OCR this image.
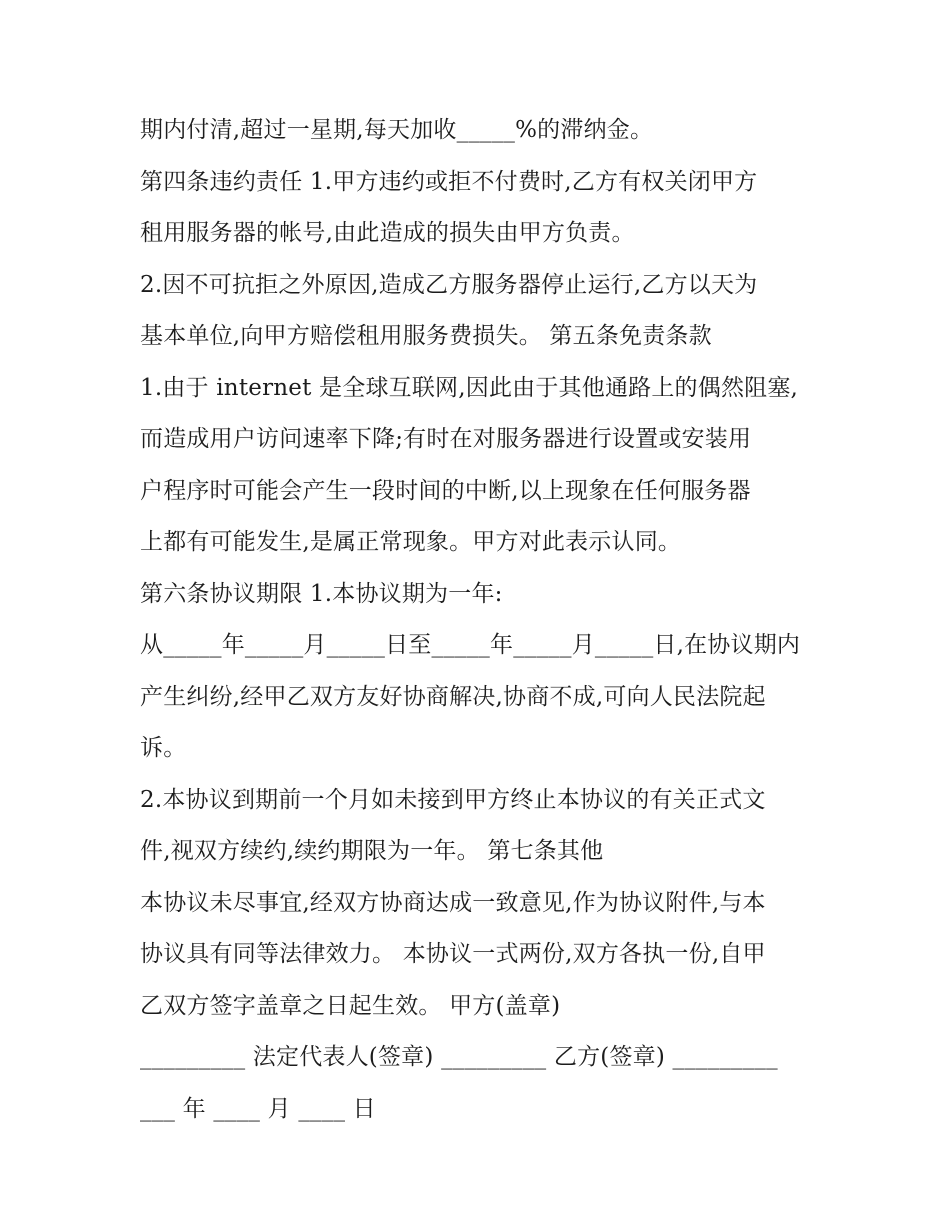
期内付清,超过一星期,每天加收_____%的滞纳金。
第四条违约责任 1.甲方违约或拒不付费时,乙方有权关闭甲方
租用服务器的帐号,由此造成的损失由甲方负责。
2.因不可抗拒之外原因,造成乙方服务器停止运行,乙方以天为
基本单位,向甲方赔偿租用服务费损失。 第五条免责条款
1.由于 internet 是全球互联网,因此由于其他通路上的偶然阻塞,
而造成用户访问速率下降;有时在对服务器进行设置或安装用
户程序时可能会产生一段时间的中断,以上现象在任何服务器
上都有可能发生,是属正常现象。甲方对此表示认同。
第六条协议期限 1.本协议期为一年:
从_____年_____月_____日至_____年_____月_____日,在协议期内
产生纠纷,经甲乙双方友好协商解决,协商不成,可向人民法院起
诉。
2.本协议到期前一个月如未接到甲方终止本协议的有关正式文
件,视双方续约,续约期限为一年。 第七条其他
本协议未尽事宜,经双方协商达成一致意见,作为协议附件,与本
协议具有同等法律效力。 本协议一式两份,双方各执一份,自甲
乙双方签字盖章之日起生效。 甲方(盖章)
_________ 法定代表人(签章) _________ 乙方(签章) _________
___ 年 ____ 月 ____ 日
